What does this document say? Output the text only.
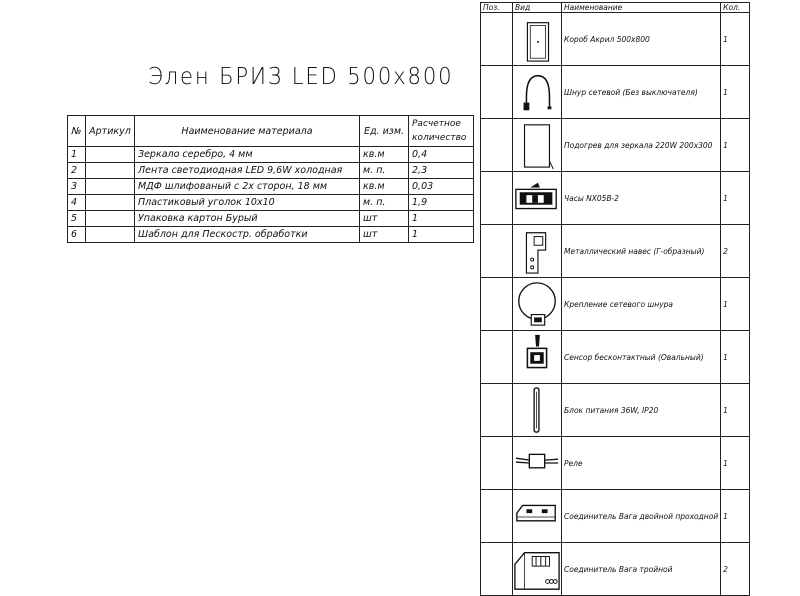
Элен БРИЗ LED 500x800
№	Артикул	Наименование материала	Ед. изм.	Расчетное количество
1		Зеркало серебро, 4 мм	кв.м	0,4
2		Лента светодиодная LED 9,6W холодная	м. п.	2,3
3		МДФ шлифованый с 2х сторон, 18 мм	кв.м	0,03
4		Пластиковый уголок 10х10	м. п.	1,9
5		Упаковка картон Бурый	шт	1
6		Шаблон для Пескостр. обработки	шт	1
Поз.	Вид	Наименование	Кол.

	Короб Акрил 500х800	1

	Шнур сетевой (Без выключателя)	1

	Подогрев для зеркала 220W 200х300	1

	Часы NX05B-2	1

	Металлический навес (Г-образный)	2

	Крепление сетевого шнура	1

	Сенсор бесконтактный (Овальный)	1

	Блок питания 36W, IP20	1

	Реле	1

	Соединитель Вага двойной проходной	1

	Соединитель Вага тройной	2
